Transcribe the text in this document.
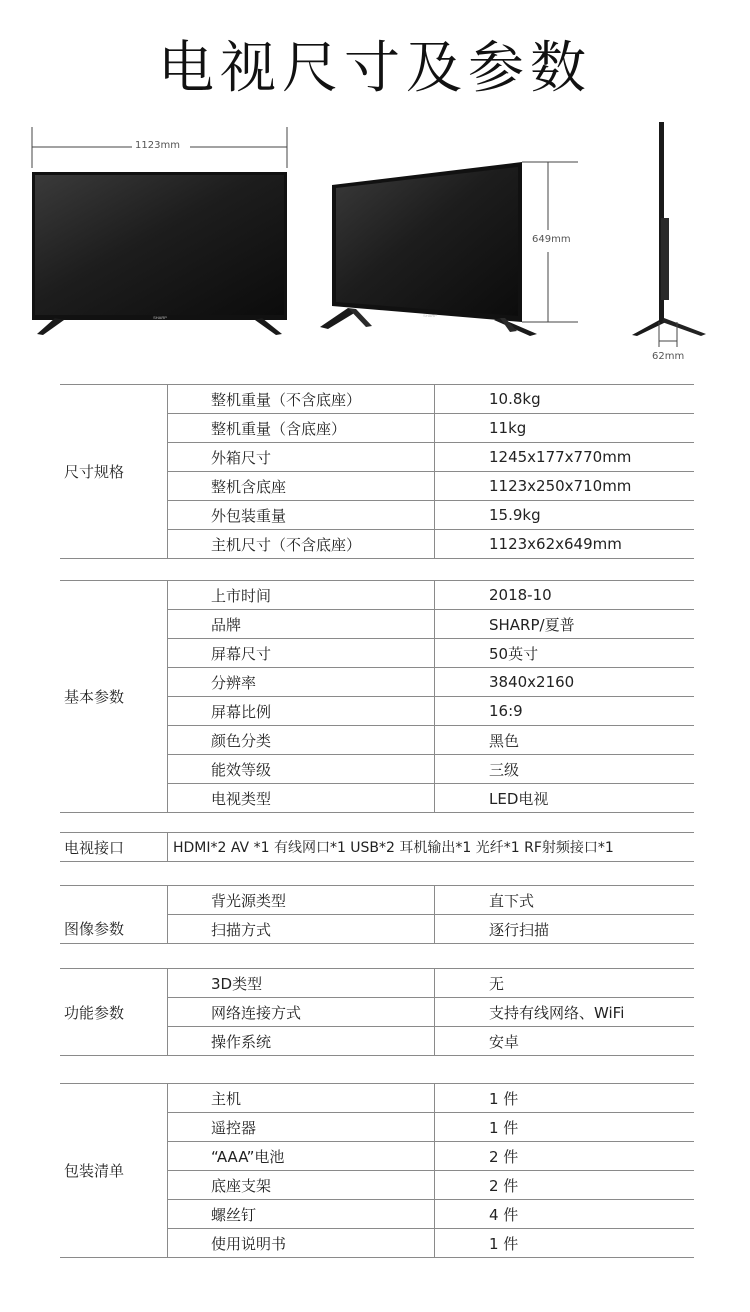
电视尺寸及参数
SHARP	SHARP
1123mm
649mm
62mm
尺寸规格	整机重量（不含底座）	10.8kg
	整机重量（含底座）	11kg
	外箱尺寸	1245x177x770mm
	整机含底座	1123x250x710mm
	外包装重量	15.9kg
	主机尺寸（不含底座）	1123x62x649mm
基本参数	上市时间	2018-10
	品牌	SHARP/夏普
	屏幕尺寸	50英寸
	分辨率	3840x2160
	屏幕比例	16:9
	颜色分类	黑色
	能效等级	三级
	电视类型	LED电视
电视接口	HDMI*2 AV *1 有线网口*1 USB*2 耳机输出*1 光纤*1 RF射频接口*1
图像参数	背光源类型	直下式
	扫描方式	逐行扫描
功能参数	3D类型	无
	网络连接方式	支持有线网络、WiFi
	操作系统	安卓
包装清单	主机	1 件
	遥控器	1 件
	“AAA”电池	2 件
	底座支架	2 件
	螺丝钉	4 件
	使用说明书	1 件
